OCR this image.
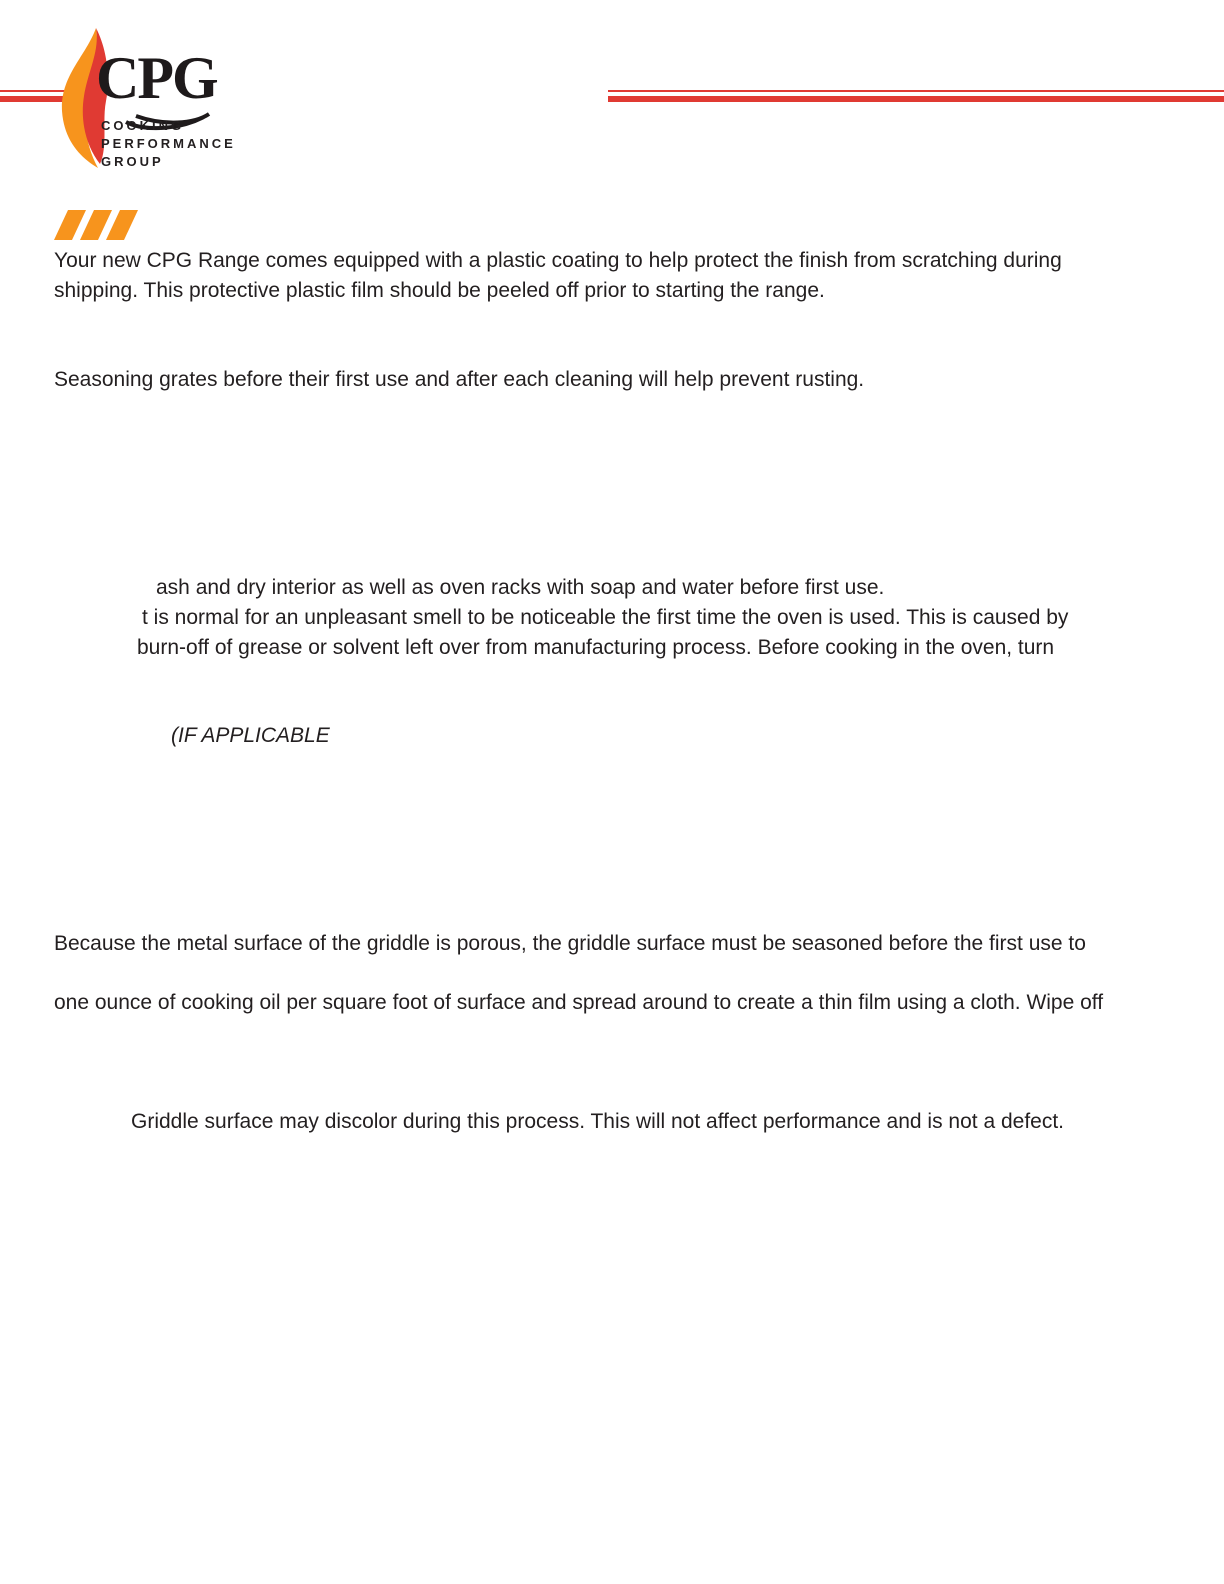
CPG
COOKING
PERFORMANCE
GROUP

Your new CPG Range comes equipped with a plastic coating to help protect the finish from scratching during

shipping. This protective plastic film should be peeled off prior to starting the range.

Seasoning grates before their first use and after each cleaning will help prevent rusting.

ash and dry interior as well as oven racks with soap and water before first use.

t is normal for an unpleasant smell to be noticeable the first time the oven is used. This is caused by

burn-off of grease or solvent left over from manufacturing process. Before cooking in the oven, turn

(IF APPLICABLE

Because the metal surface of the griddle is porous, the griddle surface must be seasoned before the first use to

one ounce of cooking oil per square foot of surface and spread around to create a thin film using a cloth. Wipe off

Griddle surface may discolor during this process. This will not affect performance and is not a defect.
